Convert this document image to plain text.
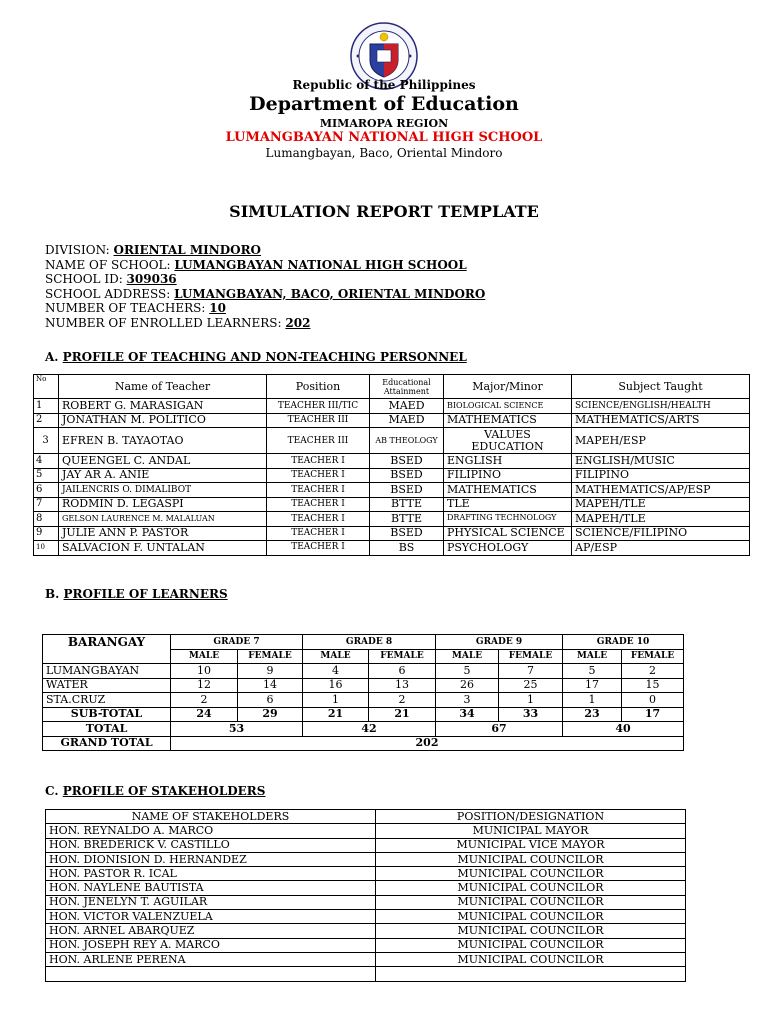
Republic of the Philippines
Department of Education
MIMAROPA REGION
LUMANGBAYAN NATIONAL HIGH SCHOOL
Lumangbayan, Baco, Oriental Mindoro
SIMULATION REPORT TEMPLATE
DIVISION: ORIENTAL MINDORO
NAME OF SCHOOL: LUMANGBAYAN NATIONAL HIGH SCHOOL
SCHOOL ID: 309036
SCHOOL ADDRESS: LUMANGBAYAN, BACO, ORIENTAL MINDORO
NUMBER OF TEACHERS: 10
NUMBER OF ENROLLED LEARNERS: 202
A. PROFILE OF TEACHING AND NON-TEACHING PERSONNEL
No	Name of Teacher	Position	Educational Attainment	Major/Minor	Subject Taught
1	ROBERT G. MARASIGAN	TEACHER III/TIC	MAED	BIOLOGICAL SCIENCE	SCIENCE/ENGLISH/HEALTH
2	JONATHAN M. POLITICO	TEACHER III	MAED	MATHEMATICS	MATHEMATICS/ARTS
3	EFREN B. TAYAOTAO	TEACHER III	AB THEOLOGY	VALUES EDUCATION	MAPEH/ESP
4	QUEENGEL C. ANDAL	TEACHER I	BSED	ENGLISH	ENGLISH/MUSIC
5	JAY AR A. ANIE	TEACHER I	BSED	FILIPINO	FILIPINO
6	JAILENCRIS O. DIMALIBOT	TEACHER I	BSED	MATHEMATICS	MATHEMATICS/AP/ESP
7	RODMIN D. LEGASPI	TEACHER I	BTTE	TLE	MAPEH/TLE
8	GELSON LAURENCE M. MALALUAN	TEACHER I	BTTE	DRAFTING TECHNOLOGY	MAPEH/TLE
9	JULIE ANN P. PASTOR	TEACHER I	BSED	PHYSICAL SCIENCE	SCIENCE/FILIPINO
10	SALVACION F. UNTALAN	TEACHER I	BS	PSYCHOLOGY	AP/ESP
B. PROFILE OF LEARNERS
BARANGAY	GRADE 7		GRADE 8		GRADE 9		GRADE 10	
	MALE	FEMALE	MALE	FEMALE	MALE	FEMALE	MALE	FEMALE
LUMANGBAYAN	10	9	4	6	5	7	5	2
WATER	12	14	16	13	26	25	17	15
STA.CRUZ	2	6	1	2	3	1	1	0
SUB-TOTAL	24	29	21	21	34	33	23	17
TOTAL	53		42		67		40	
GRAND TOTAL	202							
C. PROFILE OF STAKEHOLDERS
NAME OF STAKEHOLDERS	POSITION/DESIGNATION
HON. REYNALDO A. MARCO	MUNICIPAL MAYOR
HON. BREDERICK V. CASTILLO	MUNICIPAL VICE MAYOR
HON. DIONISION D. HERNANDEZ	MUNICIPAL COUNCILOR
HON. PASTOR R. ICAL	MUNICIPAL COUNCILOR
HON. NAYLENE BAUTISTA	MUNICIPAL COUNCILOR
HON. JENELYN T. AGUILAR	MUNICIPAL COUNCILOR
HON. VICTOR VALENZUELA	MUNICIPAL COUNCILOR
HON. ARNEL ABARQUEZ	MUNICIPAL COUNCILOR
HON. JOSEPH REY A. MARCO	MUNICIPAL COUNCILOR
HON. ARLENE PERENA	MUNICIPAL COUNCILOR
